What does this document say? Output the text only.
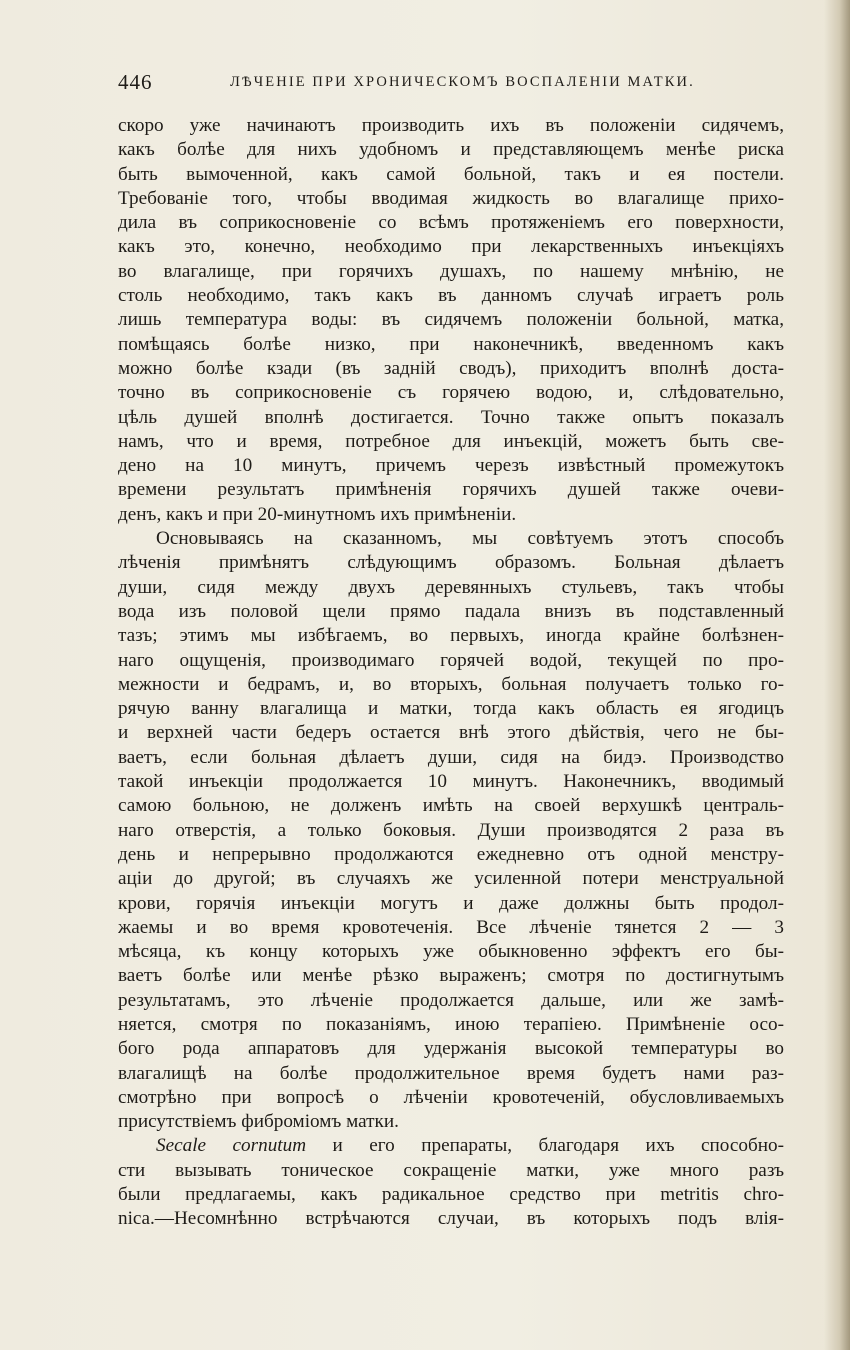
446	ЛѢЧЕНІЕ ПРИ ХРОНИЧЕСКОМЪ ВОСПАЛЕНІИ МАТКИ.
скоро уже начинаютъ производить ихъ въ положеніи сидячемъ,
какъ болѣе для нихъ удобномъ и представляющемъ менѣе риска
быть вымоченной, какъ самой больной, такъ и ея постели.
Требованіе того, чтобы вводимая жидкость во влагалище прихо-
дила въ соприкосновеніе со всѣмъ протяженіемъ его поверхности,
какъ это, конечно, необходимо при лекарственныхъ инъекціяхъ
во влагалище, при горячихъ душахъ, по нашему мнѣнію, не
столь необходимо, такъ какъ въ данномъ случаѣ играетъ роль
лишь температура воды: въ сидячемъ положеніи больной, матка,
помѣщаясь болѣе низко, при наконечникѣ, введенномъ какъ
можно болѣе кзади (въ задній сводъ), приходитъ вполнѣ доста-
точно въ соприкосновеніе съ горячею водою, и, слѣдовательно,
цѣль душей вполнѣ достигается. Точно также опытъ показалъ
намъ, что и время, потребное для инъекцій, можетъ быть све-
дено на 10 минутъ, причемъ черезъ извѣстный промежутокъ
времени результатъ примѣненія горячихъ душей также очеви-
денъ, какъ и при 20-минутномъ ихъ примѣненіи.
Основываясь на сказанномъ, мы совѣтуемъ этотъ способъ
лѣченія примѣнятъ слѣдующимъ образомъ. Больная дѣлаетъ
души, сидя между двухъ деревянныхъ стульевъ, такъ чтобы
вода изъ половой щели прямо падала внизъ въ подставленный
тазъ; этимъ мы избѣгаемъ, во первыхъ, иногда крайне болѣзнен-
наго ощущенія, производимаго горячей водой, текущей по про-
межности и бедрамъ, и, во вторыхъ, больная получаетъ только го-
рячую ванну влагалища и матки, тогда какъ область ея ягодицъ
и верхней части бедеръ остается внѣ этого дѣйствія, чего не бы-
ваетъ, если больная дѣлаетъ души, сидя на бидэ. Производство
такой инъекціи продолжается 10 минутъ. Наконечникъ, вводимый
самою больною, не долженъ имѣть на своей верхушкѣ централь-
наго отверстія, а только боковыя. Души производятся 2 раза въ
день и непрерывно продолжаются ежедневно отъ одной менстру-
аціи до другой; въ случаяхъ же усиленной потери менструальной
крови, горячія инъекціи могутъ и даже должны быть продол-
жаемы и во время кровотеченія. Все лѣченіе тянется 2 — 3
мѣсяца, къ концу которыхъ уже обыкновенно эффектъ его бы-
ваетъ болѣе или менѣе рѣзко выраженъ; смотря по достигнутымъ
результатамъ, это лѣченіе продолжается дальше, или же замѣ-
няется, смотря по показаніямъ, иною терапіею. Примѣненіе осо-
бого рода аппаратовъ для удержанія высокой температуры во
влагалищѣ на болѣе продолжительное время будетъ нами раз-
смотрѣно при вопросѣ о лѣченіи кровотеченій, обусловливаемыхъ
присутствіемъ фиброміомъ матки.
Secale cornutum и его препараты, благодаря ихъ способно-
сти вызывать тоническое сокращеніе матки, уже много разъ
были предлагаемы, какъ радикальное средство при metritis chro-
nica.—Несомнѣнно встрѣчаются случаи, въ которыхъ подъ влія-
